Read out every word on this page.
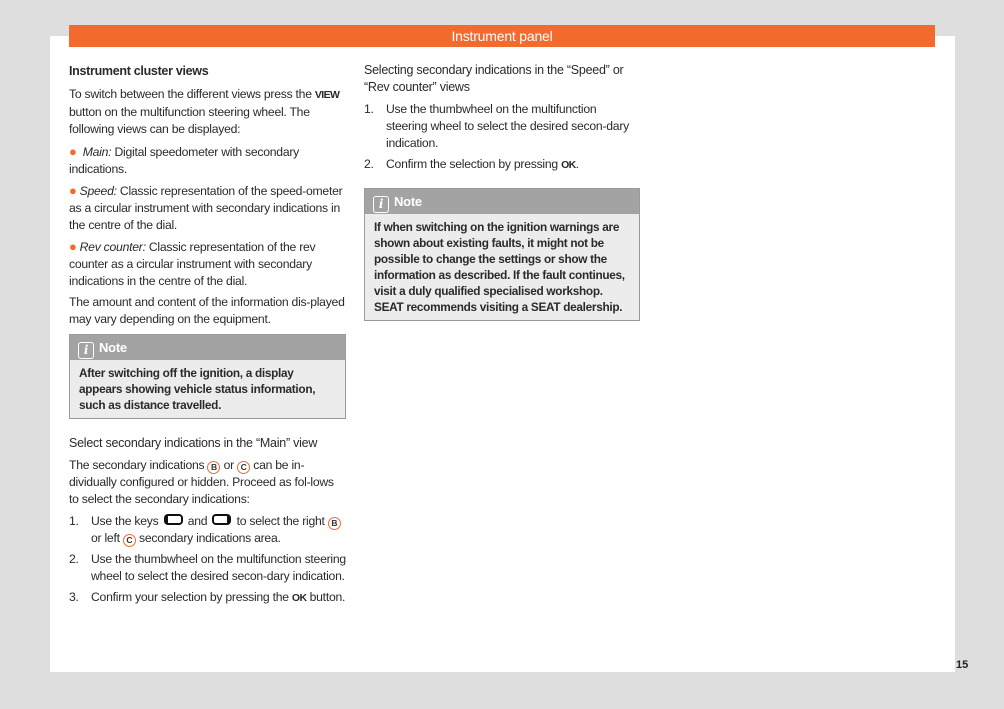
Instrument panel
Instrument cluster views

To switch between the different views press the VIEW button on the multifunction steering wheel. The following views can be displayed:

● Main: Digital speedometer with secondary indications.

● Speed: Classic representation of the speed-ometer as a circular instrument with secondary indications in the centre of the dial.

● Rev counter: Classic representation of the rev counter as a circular instrument with secondary indications in the centre of the dial.

The amount and content of the information dis-played may vary depending on the equipment.

i Note
After switching off the ignition, a display appears showing vehicle status information, such as distance travelled.
Select secondary indications in the “Main” view

The secondary indications B or C can be in-dividually configured or hidden. Proceed as fol-lows to select the secondary indications:

1. Use the keys  and  to select the right B or left C secondary indications area.
2. Use the thumbwheel on the multifunction steering wheel to select the desired secon-dary indication.
3. Confirm your selection by pressing the OK button.
Selecting secondary indications in the “Speed” or “Rev counter” views
1. Use the thumbwheel on the multifunction steering wheel to select the desired secon-dary indication.
2. Confirm the selection by pressing OK.
i Note
If when switching on the ignition warnings are shown about existing faults, it might not be possible to change the settings or show the information as described. If the fault continues, visit a duly qualified specialised workshop. SEAT recommends visiting a SEAT dealership.
15
